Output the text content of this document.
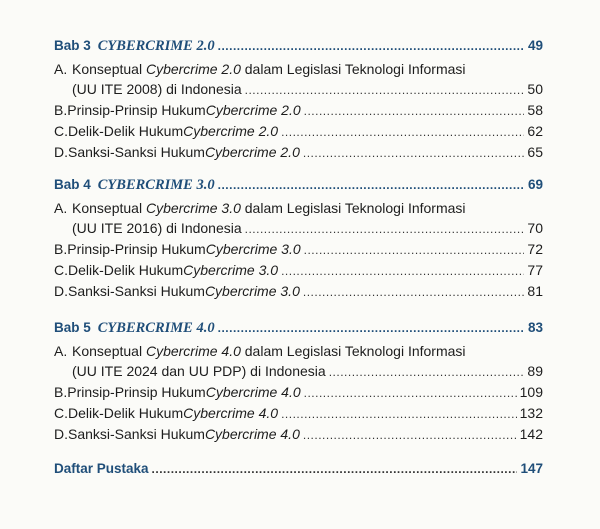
Bab 3 CYBERCRIME 2.0 .....	49
A. Konseptual Cybercrime 2.0 dalam Legislasi Teknologi Informasi
(UU ITE 2008) di Indonesia .....	50
B. Prinsip-Prinsip Hukum Cybercrime 2.0 .....	58
C. Delik-Delik Hukum Cybercrime 2.0 .....	62
D. Sanksi-Sanksi Hukum Cybercrime 2.0 .....	65
Bab 4 CYBERCRIME 3.0 .....	69
A. Konseptual Cybercrime 3.0 dalam Legislasi Teknologi Informasi
(UU ITE 2016) di Indonesia .....	70
B. Prinsip-Prinsip Hukum Cybercrime 3.0 .....	72
C. Delik-Delik Hukum Cybercrime 3.0 .....	77
D. Sanksi-Sanksi Hukum Cybercrime 3.0 .....	81
Bab 5 CYBERCRIME 4.0 .....	83
A. Konseptual Cybercrime 4.0 dalam Legislasi Teknologi Informasi
(UU ITE 2024 dan UU PDP) di Indonesia .....	89
B. Prinsip-Prinsip Hukum Cybercrime 4.0 .....	109
C. Delik-Delik Hukum Cybercrime 4.0 .....	132
D. Sanksi-Sanksi Hukum Cybercrime 4.0 .....	142
Daftar Pustaka .....	147
